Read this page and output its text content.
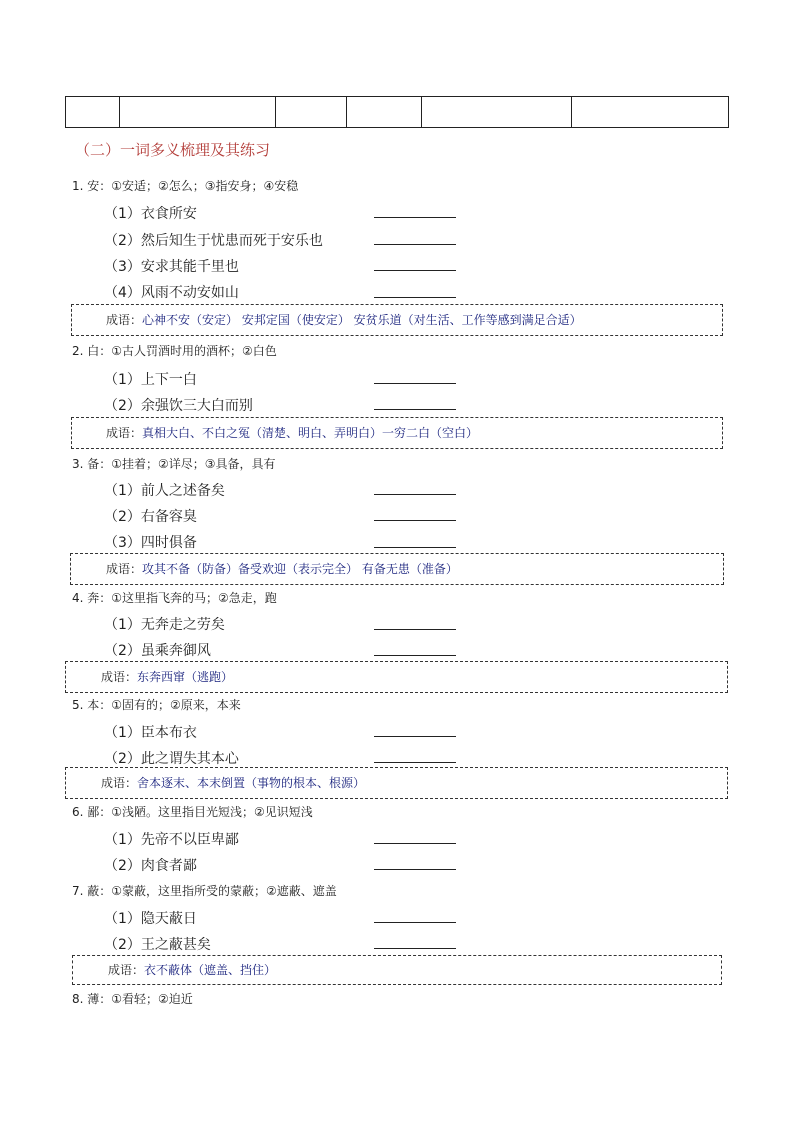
（二）一词多义梳理及其练习
1. 安：①安适；②怎么；③指安身；④安稳
（1）衣食所安
（2）然后知生于忧患而死于安乐也
（3）安求其能千里也
（4）风雨不动安如山
成语：心神不安（安定） 安邦定国（使安定） 安贫乐道（对生活、工作等感到满足合适）
2. 白：①古人罚酒时用的酒杯；②白色
（1）上下一白
（2）余强饮三大白而别
成语：真相大白、不白之冤（清楚、明白、弄明白）一穷二白（空白）
3. 备：①挂着；②详尽；③具备，具有
（1）前人之述备矣
（2）右备容臭
（3）四时俱备
成语：攻其不备（防备）备受欢迎（表示完全） 有备无患（准备）
4. 奔：①这里指飞奔的马；②急走，跑
（1）无奔走之劳矣
（2）虽乘奔御风
成语：东奔西窜（逃跑）
5. 本：①固有的；②原来，本来
（1）臣本布衣
（2）此之谓失其本心
成语：舍本逐末、本末倒置（事物的根本、根源）
6. 鄙：①浅陋。这里指目光短浅；②见识短浅
（1）先帝不以臣卑鄙
（2）肉食者鄙
7. 蔽：①蒙蔽，这里指所受的蒙蔽；②遮蔽、遮盖
（1）隐天蔽日
（2）王之蔽甚矣
成语：衣不蔽体（遮盖、挡住）
8. 薄：①看轻；②迫近
